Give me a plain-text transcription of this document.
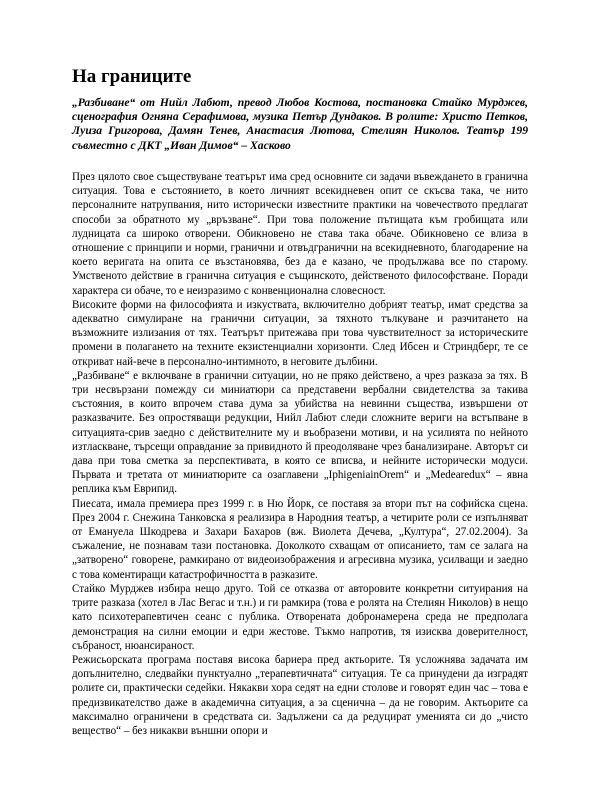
На границите

„Разбиване“ от Нийл Лабют, превод Любов Костова, постановка Стайко Мурджев, сценография Огняна Серафимова, музика Петър Дундаков. В ролите: Христо Петков, Луиза Григорова, Дамян Тенев, Анастасия Лютова, Стелиян Николов. Театър 199 съвместно с ДКТ „Иван Димов“ – Хасково

През цялото свое съществуване театърът има сред основните си задачи въвеждането в гранична ситуация. Това е състоянието, в което личният всекидневен опит се скъсва така, че нито персоналните натрупвания, нито исторически известните практики на човечеството предлагат способи за обратното му „връзване“. При това положение пътищата към гробищата или лудницата са широко отворени. Обикновено не става така обаче. Обикновено се влиза в отношение с принципи и норми, гранични и отвъдгранични на всекидневното, благодарение на което веригата на опита се възстановява, без да е казано, че продължава все по старому. Умственото действие в гранична ситуация е същинското, действеното философстване. Поради характера си обаче, то е неизразимо с конвенционална словесност.

Високите форми на философията и изкуствата, включително добрият театър, имат средства за адекватно симулиране на гранични ситуации, за тяхното тълкуване и разчитането на възможните излизания от тях. Театърът притежава при това чувствителност за историческите промени в полагането на техните екзистенциални хоризонти. След Ибсен и Стриндберг, те се откриват най-вече в персонално-интимното, в неговите дълбини.

„Разбиване“ е включване в гранични ситуации, но не пряко действено, а чрез разказа за тях. В три несвързани помежду си миниатюри са представени вербални свидетелства за такива състояния, в които впрочем става дума за убийства на невинни същества, извършени от разказвачите. Без опростяващи редукции, Нийл Лабют следи сложните вериги на встъпване в ситуацията-срив заедно с действителните му и въобразени мотиви, и на усилията по нейното изтласкване, търсещи оправдание за привидното й преодоляване чрез банализиране. Авторът си дава при това сметка за перспективата, в която се вписва, и нейните исторически модуси. Първата и третата от миниатюрите са озаглавени „IphigeniainOrem“ и „Medearedux“ – явна реплика към Еврипид.

Пиесата, имала премиера през 1999 г. в Ню Йорк, се поставя за втори път на софийска сцена. През 2004 г. Снежина Танковска я реализира в Народния театър, а четирите роли се изпълняват от Емануела Шкодрева и Захари Бахаров (вж. Виолета Дечева, „Култура“, 27.02.2004). За съжаление, не познавам тази постановка. Доколкото схващам от описанието, там се залага на „затворено“ говорене, рамкирано от видеоизображения и агресивна музика, усилващи и заедно с това коментиращи катастрофичността в разказите.

Стайко Мурджев избира нещо друго. Той се отказва от авторовите конкретни ситуирания на трите разказа (хотел в Лас Вегас и т.н.) и ги рамкира (това е ролята на Стелиян Николов) в нещо като психотерапевтичен сеанс с публика. Отворената добронамерена среда не предполага демонстрация на силни емоции и едри жестове. Тъкмо напротив, тя изисква доверителност, събраност, нюансираност.

Режисьорската програма поставя висока бариера пред актьорите. Тя усложнява задачата им допълнително, следвайки пунктуално „терапевтичната“ ситуация. Те са принудени да изградят ролите си, практически седейки. Някакви хора седят на едни столове и говорят един час – това е предизвикателство даже в академична ситуация, а за сценична – да не говорим. Актьорите са максимално ограничени в средствата си. Задължени са да редуцират уменията си до „чисто вещество“ – без никакви външни опори и
